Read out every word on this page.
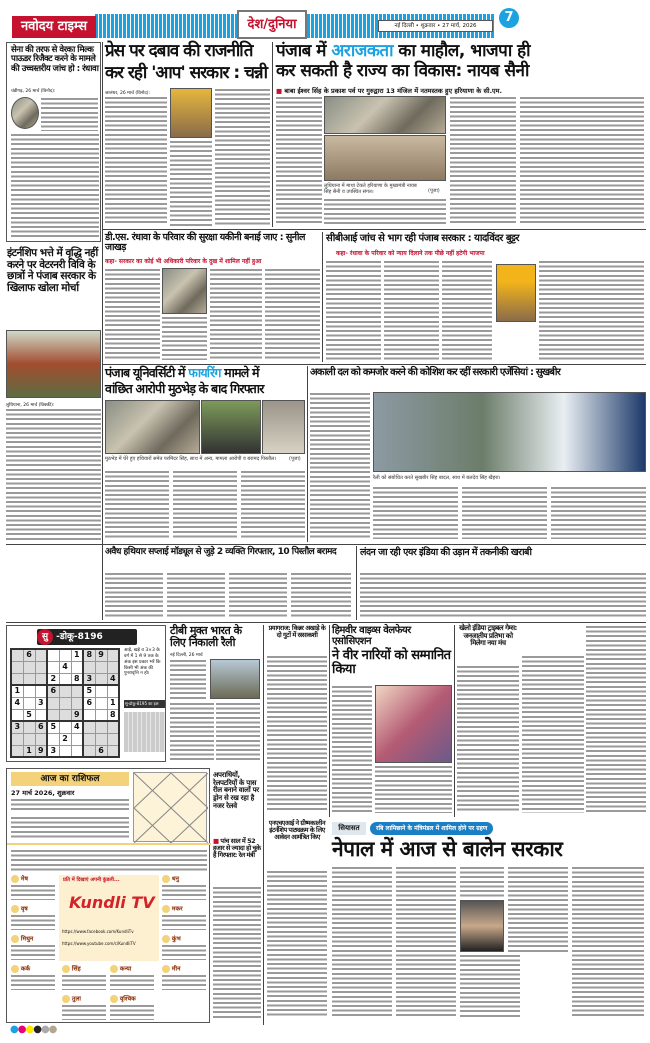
नवोदय टाइम्स	देश/दुनिया	नई दिल्ली • शुक्रवार • 27 मार्च, 2026
7
सेना की तरफ से वेरका मिल्क पाऊडर रिजैक्ट करने के मामले की उच्चस्तरीय जांच हो : रंधावा
चंडीगढ़, 26 मार्च (विनोद):
इंटर्नशिप भत्ते में वृद्धि नहीं करने पर वेटरनरी विवि के छात्रों ने पंजाब सरकार के खिलाफ खोला मोर्चा
लुधियाना, 26 मार्च (विक्की):
प्रेस पर दबाव की राजनीति
कर रही 'आप' सरकार : चन्नी
जालंधर, 26 मार्च (विनोद):
पंजाब में अराजकता का माहौल, भाजपा ही
कर सकती है राज्य का विकास: नायब सैनी
■ बाबा ईश्वर सिंह के प्रकाश पर्व पर गुरुद्वारा 13 मंजिल में नतमस्तक हुए हरियाणा के सी.एम.
लुधियाना में माथा टेकते हरियाणा के मुख्यमंत्री नायब सिंह सैनी व उपस्थित संगत।	(पूजा)
डी.एस. रंधावा के परिवार की सुरक्षा यकीनी बनाई जाए : सुनील जाखड़
कहा- सरकार का कोई भी अधिकारी परिवार के दुख में शामिल नहीं हुआ
सीबीआई जांच से भाग रही पंजाब सरकार : यादविंदर बुट्टर
कहा- रंधावा के परिवार को न्याय दिलाने तक पीछे नहीं हटेगी भाजपा
पंजाब यूनिवर्सिटी में फायरिंग मामले में
वांछित आरोपी मुठभेड़ के बाद गिरफ्तार
मुठभेड़ में घेरे हुए हथियारों समेत परमिंदर सिंह, साथ में अन्य, मामला आरोपी व बरामद पिस्तौल।	(पूजा)
अकाली दल को कमजोर करने की कोशिश कर रहीं सरकारी एजेंसियां : सुखबीर
रैली को संबोधित करते सुखबीर सिंह बादल, साथ में बलदेव सिंह खैहरा।
अवैध हथियार सप्लाई मॉड्यूल से जुड़े 2 व्यक्ति गिरफ्तार, 10 पिस्तौल बरामद	लंदन जा रही एयर इंडिया की उड़ान में तकनीकी खराबी
सु -डोकू-8196
	6				1	8	9	
				4				
			2		8	3		4
1			6			5		
4		3				6		1
	5				9			8
3		6	5		4			
				2				
	1	9	3				6	
आड़े, खड़े व 3×3 के वर्ग में 1 से 9 तक के अंक इस प्रकार भरें कि किसी भी अंक की पुनरावृत्ति न हो।
सु-डोकू-8195 का हल
आज का राशिफल
27 मार्च 2026, शुक्रवार
प्रति में दिखाएं अपनी कुंडली...
Kundli TV
https://www.facebook.com/KundliTv
https://www.youtube.com/c/KundliTV
मेष
वृष
मिथुन
कर्क	सिंह	कन्या
तुला	वृश्चिक
धनु
मकर
कुंभ
मीन
टीबी मुक्त भारत के लिए निकाली रैली
नई दिल्ली, 26 मार्च
अपराधियों, रेलपटरियों के पास रील बनाने वालों पर ड्रोन से रख रहा है नजर रेलवे
■ पांच साल में 52 हजार से ज्यादा हो चुके हैं गिरफ्तार: रेल मंत्री
प्रयागराज: किन्नर अखाड़े के दो गुटों में रस्साकशी
एनएचएआई ने ग्रीष्मकालीन इंटर्नशिप पाठ्यक्रम के लिए आवेदन आमंत्रित किए
हिमवीर वाइव्स वेलफेयर एसोसिएशन
ने वीर नारियों को सम्मानित किया
खेलो इंडिया ट्राइबल गेम्स: जनजातीय प्रतिभा को मिलेगा नया मंच
सियासत	रबि लामिछाने के मंत्रिमंडल में शामिल होने पर ग्रहण
नेपाल में आज से बालेन सरकार
●●●●●●
